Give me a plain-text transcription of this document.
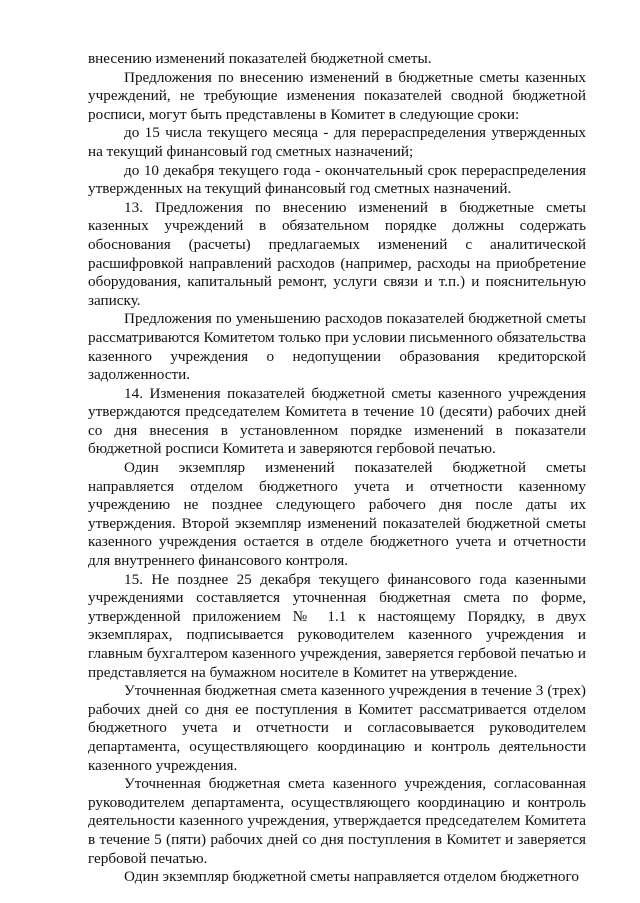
внесению изменений показателей бюджетной сметы.

Предложения по внесению изменений в бюджетные сметы казенных учреждений, не требующие изменения показателей сводной бюджетной росписи, могут быть представлены в Комитет в следующие сроки:

до 15 числа текущего месяца - для перераспределения утвержденных на текущий финансовый год сметных назначений;

до 10 декабря текущего года - окончательный срок перераспределения утвержденных на текущий финансовый год сметных назначений.

13. Предложения по внесению изменений в бюджетные сметы казенных учреждений в обязательном порядке должны содержать обоснования (расчеты) предлагаемых изменений с аналитической расшифровкой направлений расходов (например, расходы на приобретение оборудования, капитальный ремонт, услуги связи и т.п.) и пояснительную записку.

Предложения по уменьшению расходов показателей бюджетной сметы рассматриваются Комитетом только при условии письменного обязательства казенного учреждения о недопущении образования кредиторской задолженности.

14. Изменения показателей бюджетной сметы казенного учреждения утверждаются председателем Комитета в течение 10 (десяти) рабочих дней со дня внесения в установленном порядке изменений в показатели бюджетной росписи Комитета и заверяются гербовой печатью.

Один экземпляр изменений показателей бюджетной сметы направляется отделом бюджетного учета и отчетности казенному учреждению не позднее следующего рабочего дня после даты их утверждения. Второй экземпляр изменений показателей бюджетной сметы казенного учреждения остается в отделе бюджетного учета и отчетности для внутреннего финансового контроля.

15. Не позднее 25 декабря текущего финансового года казенными учреждениями составляется уточненная бюджетная смета по форме, утвержденной приложением № 1.1 к настоящему Порядку, в двух экземплярах, подписывается руководителем казенного учреждения и главным бухгалтером казенного учреждения, заверяется гербовой печатью и представляется на бумажном носителе в Комитет на утверждение.

Уточненная бюджетная смета казенного учреждения в течение 3 (трех) рабочих дней со дня ее поступления в Комитет рассматривается отделом бюджетного учета и отчетности и согласовывается руководителем департамента, осуществляющего координацию и контроль деятельности казенного учреждения.

Уточненная бюджетная смета казенного учреждения, согласованная руководителем департамента, осуществляющего координацию и контроль деятельности казенного учреждения, утверждается председателем Комитета в течение 5 (пяти) рабочих дней со дня поступления в Комитет и заверяется гербовой печатью.

Один экземпляр бюджетной сметы направляется отделом бюджетного
